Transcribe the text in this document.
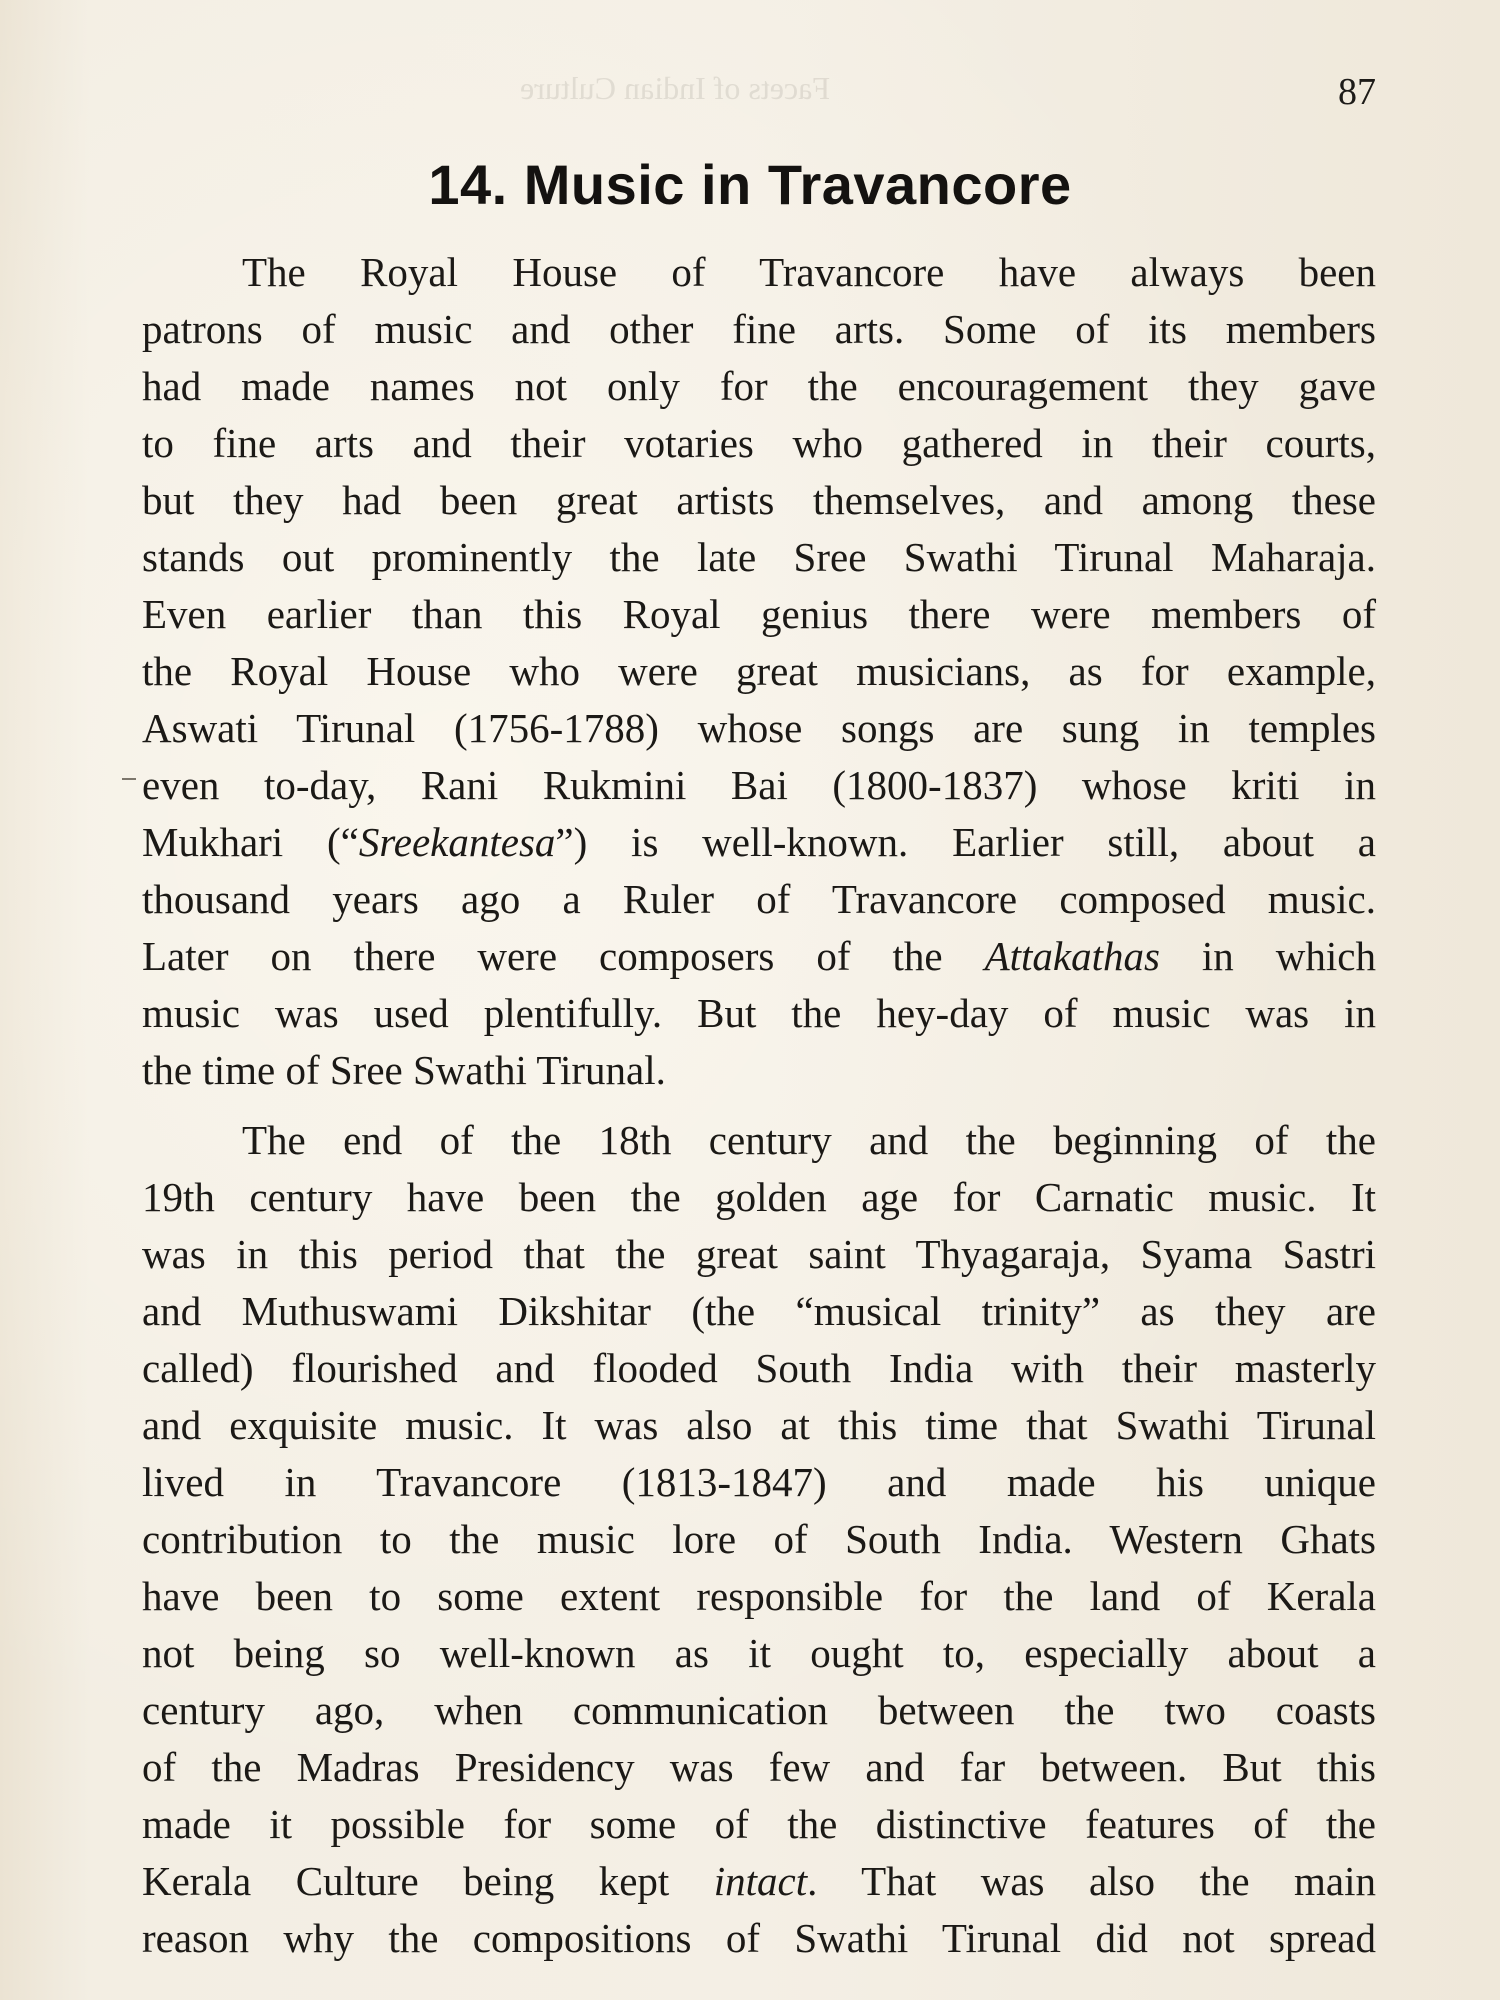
Facets of Indian Culture	87
14. Music in Travancore
The Royal House of Travancore have always been
patrons of music and other fine arts. Some of its members
had made names not only for the encouragement they gave
to fine arts and their votaries who gathered in their courts,
but they had been great artists themselves, and among these
stands out prominently the late Sree Swathi Tirunal Maharaja.
Even earlier than this Royal genius there were members of
the Royal House who were great musicians, as for example,
Aswati Tirunal (1756-1788) whose songs are sung in temples
even to-day, Rani Rukmini Bai (1800-1837) whose kriti in
Mukhari (“Sreekantesa”) is well-known. Earlier still, about a
thousand years ago a Ruler of Travancore composed music.
Later on there were composers of the Attakathas in which
music was used plentifully. But the hey-day of music was in
the time of Sree Swathi Tirunal.
The end of the 18th century and the beginning of the
19th century have been the golden age for Carnatic music. It
was in this period that the great saint Thyagaraja, Syama Sastri
and Muthuswami Dikshitar (the “musical trinity” as they are
called) flourished and flooded South India with their masterly
and exquisite music. It was also at this time that Swathi Tirunal
lived in Travancore (1813-1847) and made his unique
contribution to the music lore of South India. Western Ghats
have been to some extent responsible for the land of Kerala
not being so well-known as it ought to, especially about a
century ago, when communication between the two coasts
of the Madras Presidency was few and far between. But this
made it possible for some of the distinctive features of the
Kerala Culture being kept intact. That was also the main
reason why the compositions of Swathi Tirunal did not spread
